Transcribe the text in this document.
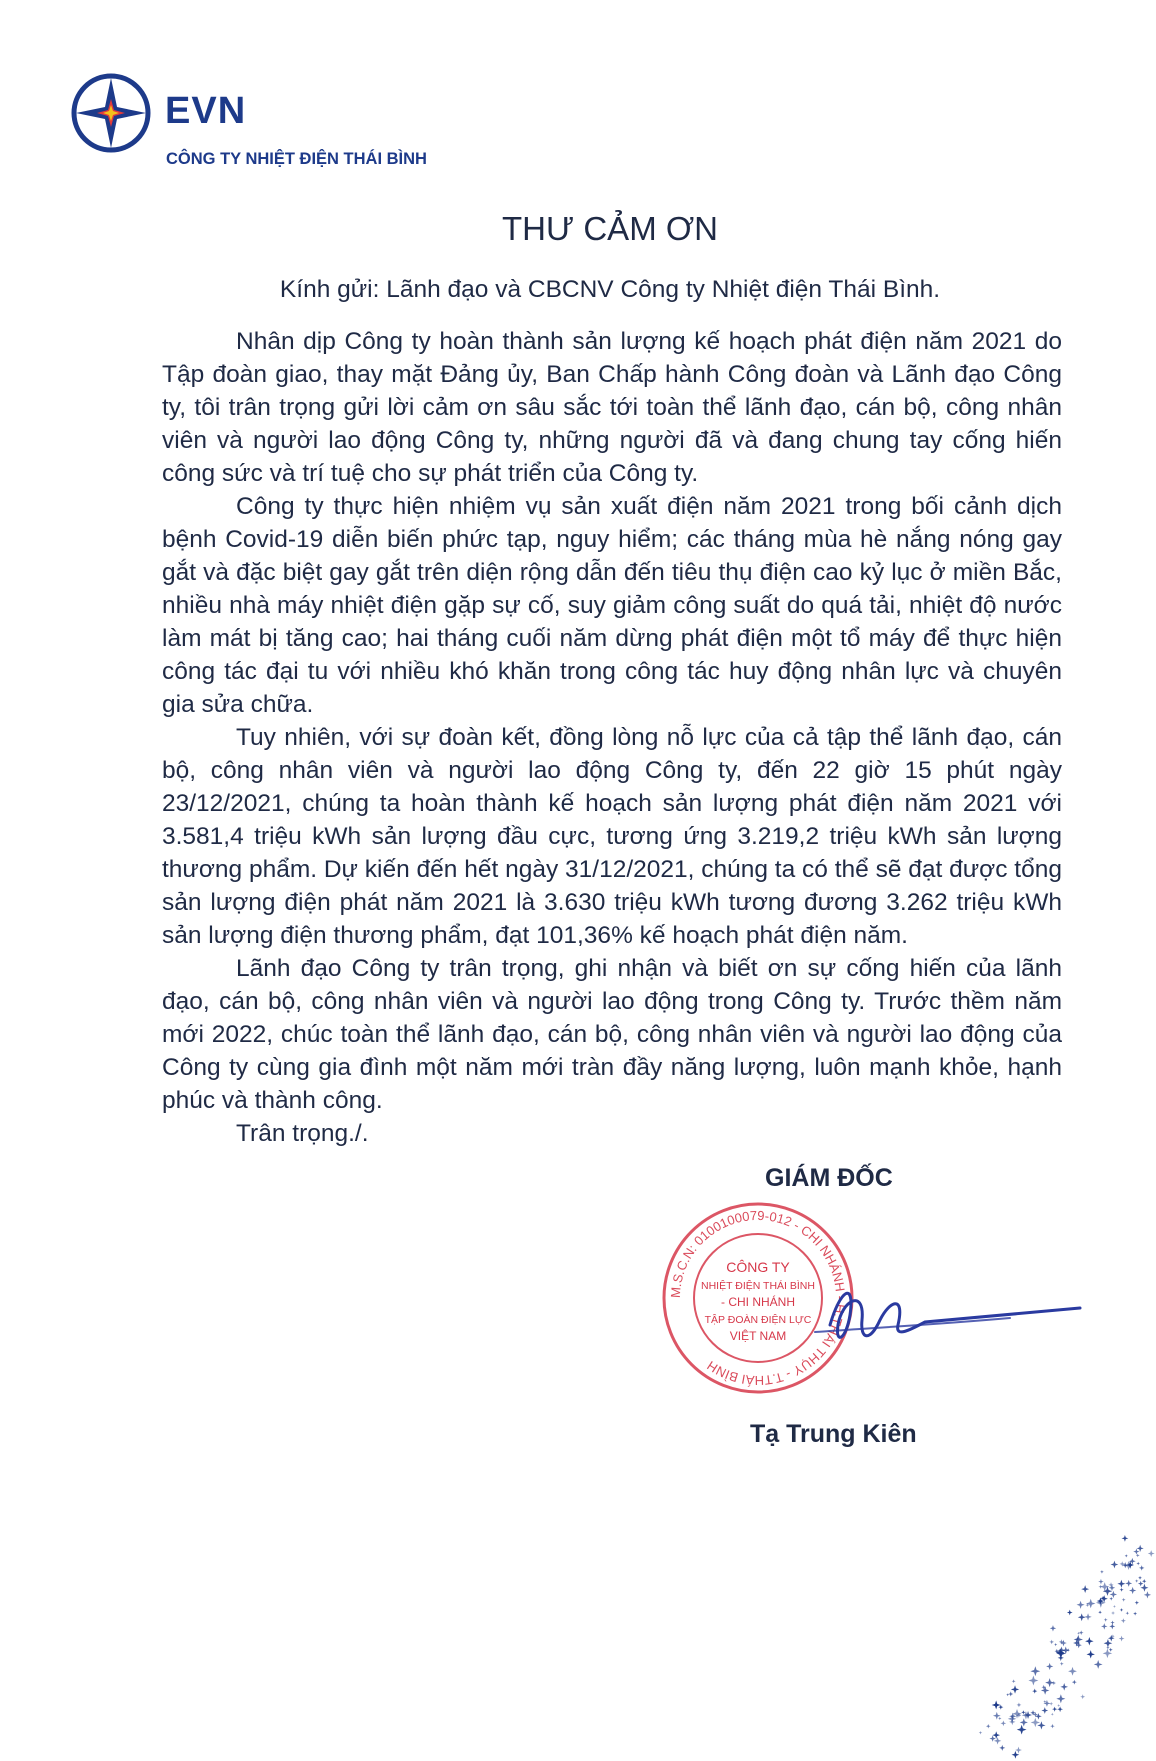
EVN
CÔNG TY NHIỆT ĐIỆN THÁI BÌNH
THƯ CẢM ƠN
Kính gửi: Lãnh đạo và CBCNV Công ty Nhiệt điện Thái Bình.

Nhân dịp Công ty hoàn thành sản lượng kế hoạch phát điện năm 2021 do Tập đoàn giao, thay mặt Đảng ủy, Ban Chấp hành Công đoàn và Lãnh đạo Công ty, tôi trân trọng gửi lời cảm ơn sâu sắc tới toàn thể lãnh đạo, cán bộ, công nhân viên và người lao động Công ty, những người đã và đang chung tay cống hiến công sức và trí tuệ cho sự phát triển của Công ty.

Công ty thực hiện nhiệm vụ sản xuất điện năm 2021 trong bối cảnh dịch bệnh Covid-19 diễn biến phức tạp, nguy hiểm; các tháng mùa hè nắng nóng gay gắt và đặc biệt gay gắt trên diện rộng dẫn đến tiêu thụ điện cao kỷ lục ở miền Bắc, nhiều nhà máy nhiệt điện gặp sự cố, suy giảm công suất do quá tải, nhiệt độ nước làm mát bị tăng cao; hai tháng cuối năm dừng phát điện một tổ máy để thực hiện công tác đại tu với nhiều khó khăn trong công tác huy động nhân lực và chuyên gia sửa chữa.

Tuy nhiên, với sự đoàn kết, đồng lòng nỗ lực của cả tập thể lãnh đạo, cán bộ, công nhân viên và người lao động Công ty, đến 22 giờ 15 phút ngày 23/12/2021, chúng ta hoàn thành kế hoạch sản lượng phát điện năm 2021 với 3.581,4 triệu kWh sản lượng đầu cực, tương ứng 3.219,2 triệu kWh sản lượng thương phẩm. Dự kiến đến hết ngày 31/12/2021, chúng ta có thể sẽ đạt được tổng sản lượng điện phát năm 2021 là 3.630 triệu kWh tương đương 3.262 triệu kWh sản lượng điện thương phẩm, đạt 101,36% kế hoạch phát điện năm.

Lãnh đạo Công ty trân trọng, ghi nhận và biết ơn sự cống hiến của lãnh đạo, cán bộ, công nhân viên và người lao động trong Công ty. Trước thềm năm mới 2022, chúc toàn thể lãnh đạo, cán bộ, công nhân viên và người lao động của Công ty cùng gia đình một năm mới tràn đầy năng lượng, luôn mạnh khỏe, hạnh phúc và thành công.

Trân trọng./.

GIÁM ĐỐC
M.S.C.N: 0100100079-012 - CHI NHÁNH - H.THÁI THỤY - T.THÁI BÌNH
CÔNG TY
NHIỆT ĐIỆN THÁI BÌNH
- CHI NHÁNH
TẬP ĐOÀN ĐIỆN LỰC
VIỆT NAM
Tạ Trung Kiên
